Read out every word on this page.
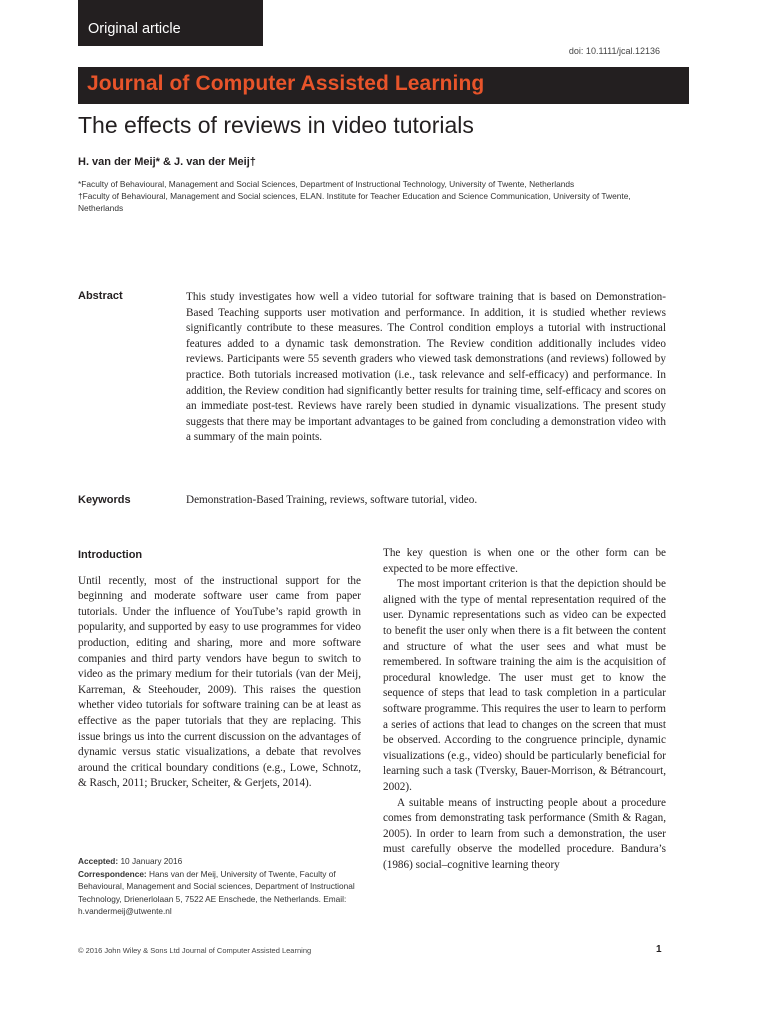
Original article
doi: 10.1111/jcal.12136
Journal of Computer Assisted Learning
The effects of reviews in video tutorials
H. van der Meij* & J. van der Meij†
*Faculty of Behavioural, Management and Social Sciences, Department of Instructional Technology, University of Twente, Netherlands
†Faculty of Behavioural, Management and Social sciences, ELAN. Institute for Teacher Education and Science Communication, University of Twente, Netherlands
Abstract	This study investigates how well a video tutorial for software training that is based on Demonstration-Based Teaching supports user motivation and performance. In addition, it is studied whether reviews significantly contribute to these measures. The Control condition employs a tutorial with instructional features added to a dynamic task demonstration. The Review condition additionally includes video reviews. Participants were 55 seventh graders who viewed task demonstrations (and reviews) followed by practice. Both tutorials increased motivation (i.e., task relevance and self-efficacy) and performance. In addition, the Review condition had significantly better results for training time, self-efficacy and scores on an immediate post-test. Reviews have rarely been studied in dynamic visualizations. The present study suggests that there may be important advantages to be gained from concluding a demonstration video with a summary of the main points.

Keywords	Demonstration-Based Training, reviews, software tutorial, video.
Introduction

Until recently, most of the instructional support for the beginning and moderate software user came from paper tutorials. Under the influence of YouTube’s rapid growth in popularity, and supported by easy to use programmes for video production, editing and sharing, more and more software companies and third party vendors have begun to switch to video as the primary medium for their tutorials (van der Meij, Karreman, & Steehouder, 2009). This raises the question whether video tutorials for software training can be at least as effective as the paper tutorials that they are replacing. This issue brings us into the current discussion on the advantages of dynamic versus static visualizations, a debate that revolves around the critical boundary conditions (e.g., Lowe, Schnotz, & Rasch, 2011; Brucker, Scheiter, & Gerjets, 2014).

The key question is when one or the other form can be expected to be more effective.

The most important criterion is that the depiction should be aligned with the type of mental representation required of the user. Dynamic representations such as video can be expected to benefit the user only when there is a fit between the content and structure of what the user sees and what must be remembered. In software training the aim is the acquisition of procedural knowledge. The user must get to know the sequence of steps that lead to task completion in a particular software programme. This requires the user to learn to perform a series of actions that lead to changes on the screen that must be observed. According to the congruence principle, dynamic visualizations (e.g., video) should be particularly beneficial for learning such a task (Tversky, Bauer-Morrison, & Bétrancourt, 2002).

A suitable means of instructing people about a procedure comes from demonstrating task performance (Smith & Ragan, 2005). In order to learn from such a demonstration, the user must carefully observe the modelled procedure. Bandura’s (1986) social–cognitive learning theory

Accepted: 10 January 2016
Correspondence: Hans van der Meij, University of Twente, Faculty of Behavioural, Management and Social sciences, Department of Instructional Technology, Drienerlolaan 5, 7522 AE Enschede, the Netherlands. Email: h.vandermeij@utwente.nl
© 2016 John Wiley & Sons Ltd Journal of Computer Assisted Learning	1
